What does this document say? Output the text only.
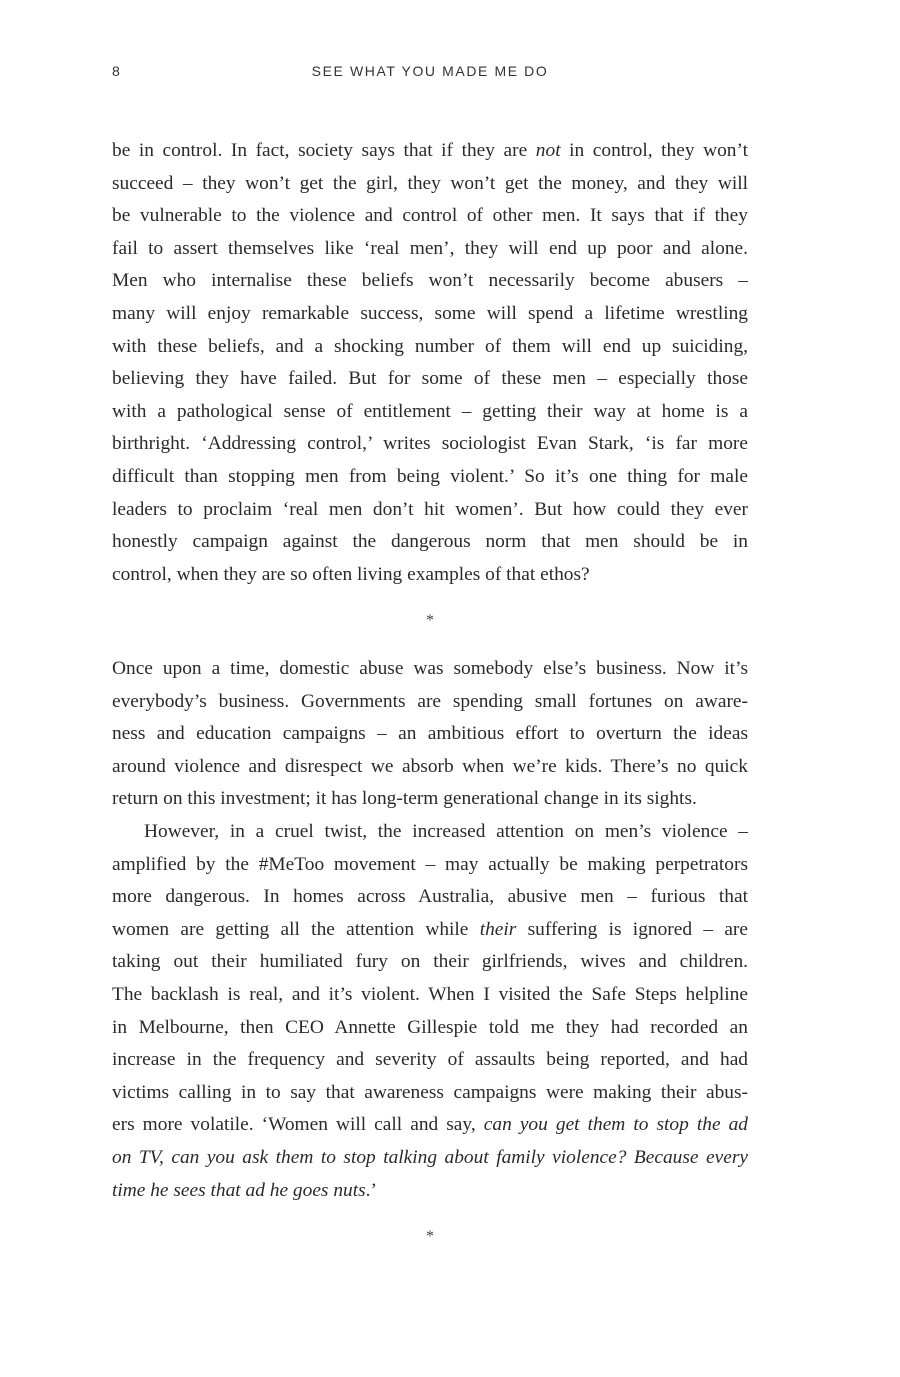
8	SEE WHAT YOU MADE ME DO
be in control. In fact, society says that if they are not in control, they won’t
succeed – they won’t get the girl, they won’t get the money, and they will
be vulnerable to the violence and control of other men. It says that if they
fail to assert themselves like ‘real men’, they will end up poor and alone.
Men who internalise these beliefs won’t necessarily become abusers –
many will enjoy remarkable success, some will spend a lifetime wrestling
with these beliefs, and a shocking number of them will end up suiciding,
believing they have failed. But for some of these men – especially those
with a pathological sense of entitlement – getting their way at home is a
birthright. ‘Addressing control,’ writes sociologist Evan Stark, ‘is far more
difficult than stopping men from being violent.’ So it’s one thing for male
leaders to proclaim ‘real men don’t hit women’. But how could they ever
honestly campaign against the dangerous norm that men should be in
control, when they are so often living examples of that ethos?
*
Once upon a time, domestic abuse was somebody else’s business. Now it’s
everybody’s business. Governments are spending small fortunes on aware-
ness and education campaigns – an ambitious effort to overturn the ideas
around violence and disrespect we absorb when we’re kids. There’s no quick
return on this investment; it has long-term generational change in its sights.
However, in a cruel twist, the increased attention on men’s violence –
amplified by the #MeToo movement – may actually be making perpetrators
more dangerous. In homes across Australia, abusive men – furious that
women are getting all the attention while their suffering is ignored – are
taking out their humiliated fury on their girlfriends, wives and children.
The backlash is real, and it’s violent. When I visited the Safe Steps helpline
in Melbourne, then CEO Annette Gillespie told me they had recorded an
increase in the frequency and severity of assaults being reported, and had
victims calling in to say that awareness campaigns were making their abus-
ers more volatile. ‘Women will call and say, can you get them to stop the ad
on TV, can you ask them to stop talking about family violence? Because every
time he sees that ad he goes nuts.’
*
